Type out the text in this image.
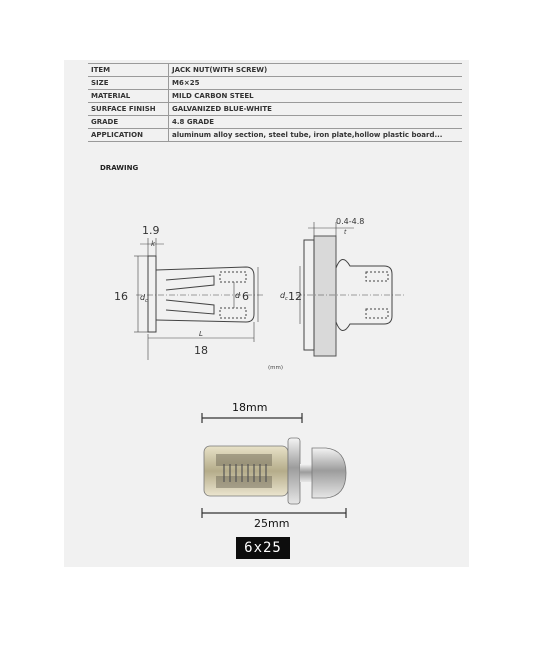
ITEM	JACK NUT(WITH SCREW)
SIZE	M6×25
MATERIAL	MILD CARBON STEEL
SURFACE FINISH	GALVANIZED BLUE-WHITE
GRADE	4.8 GRADE
APPLICATION	aluminum alloy section, steel tube, iron plate,hollow plastic board...
DRAWING
1.9
k
16 d c
d 6
L
18
0.4-4.8
t
d c 12
(mm)
18mm
25mm
6x25
